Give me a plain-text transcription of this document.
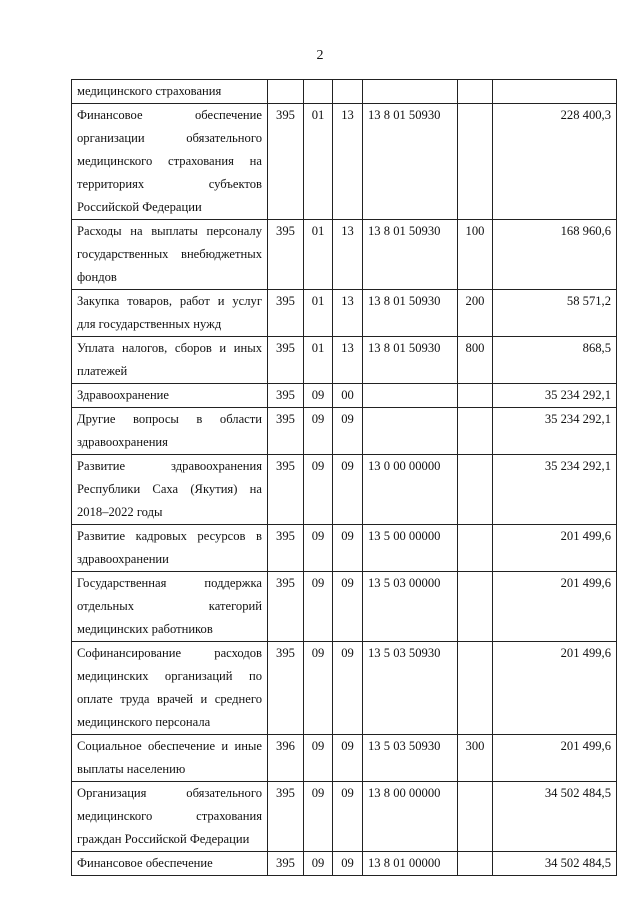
2
медицинского страхования						
Финансовое обеспечение организации обязательного медицинского страхования на территориях субъектов Российской Федерации	395	01	13	13 8 01 50930		228 400,3
Расходы на выплаты персоналу государственных внебюджетных фондов	395	01	13	13 8 01 50930	100	168 960,6
Закупка товаров, работ и услуг для государственных нужд	395	01	13	13 8 01 50930	200	58 571,2
Уплата налогов, сборов и иных платежей	395	01	13	13 8 01 50930	800	868,5
Здравоохранение	395	09	00			35 234 292,1
Другие вопросы в области здравоохранения	395	09	09			35 234 292,1
Развитие здравоохранения Республики Саха (Якутия) на 2018–2022 годы	395	09	09	13 0 00 00000		35 234 292,1
Развитие кадровых ресурсов в здравоохранении	395	09	09	13 5 00 00000		201 499,6
Государственная поддержка отдельных категорий медицинских работников	395	09	09	13 5 03 00000		201 499,6
Софинансирование расходов медицинских организаций по оплате труда врачей и среднего медицинского персонала	395	09	09	13 5 03 50930		201 499,6
Социальное обеспечение и иные выплаты населению	396	09	09	13 5 03 50930	300	201 499,6
Организация обязательного медицинского страхования граждан Российской Федерации	395	09	09	13 8 00 00000		34 502 484,5
Финансовое обеспечение	395	09	09	13 8 01 00000		34 502 484,5
